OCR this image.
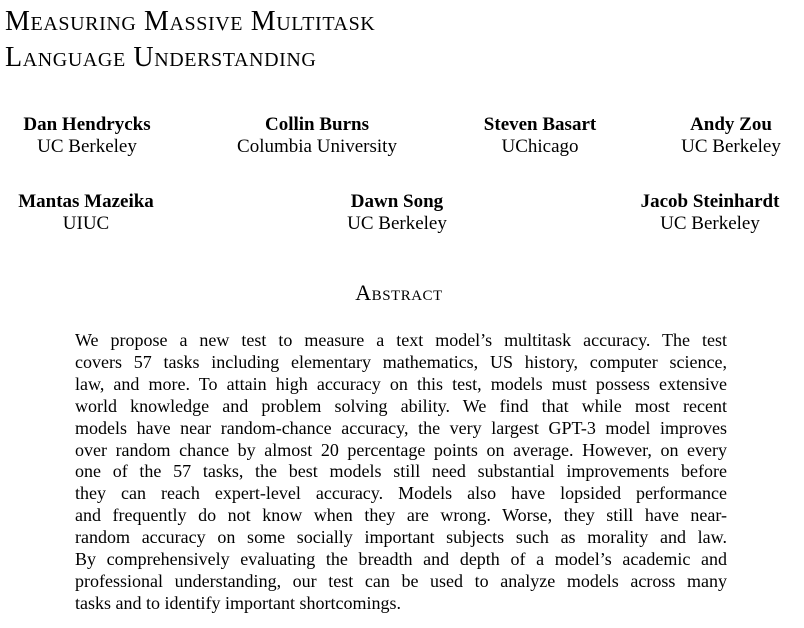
Measuring Massive Multitask
Language Understanding
Dan Hendrycks
UC Berkeley
Collin Burns
Columbia University
Steven Basart
UChicago
Andy Zou
UC Berkeley
Mantas Mazeika
UIUC
Dawn Song
UC Berkeley
Jacob Steinhardt
UC Berkeley
Abstract
We propose a new test to measure a text model’s multitask accuracy. The test
covers 57 tasks including elementary mathematics, US history, computer science,
law, and more. To attain high accuracy on this test, models must possess extensive
world knowledge and problem solving ability. We find that while most recent
models have near random-chance accuracy, the very largest GPT-3 model improves
over random chance by almost 20 percentage points on average. However, on every
one of the 57 tasks, the best models still need substantial improvements before
they can reach expert-level accuracy. Models also have lopsided performance
and frequently do not know when they are wrong. Worse, they still have near-
random accuracy on some socially important subjects such as morality and law.
By comprehensively evaluating the breadth and depth of a model’s academic and
professional understanding, our test can be used to analyze models across many
tasks and to identify important shortcomings.
